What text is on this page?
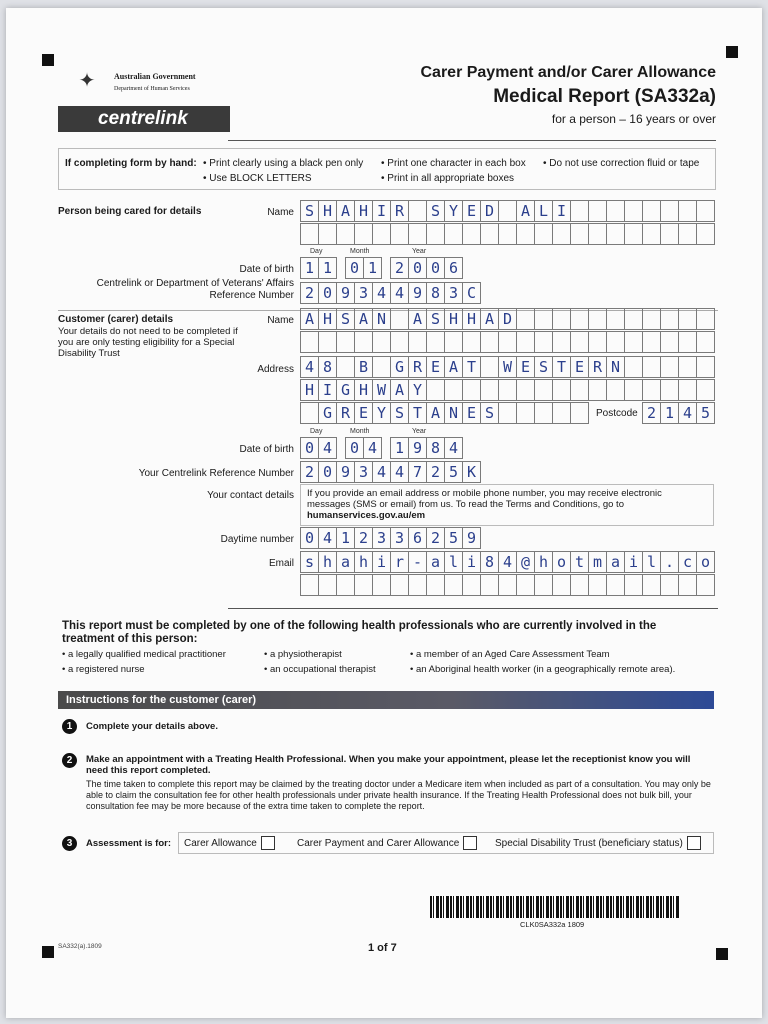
✦	Australian Government
Department of Human Services
centrelink
Carer Payment and/or Carer Allowance
Medical Report (SA332a)
for a person – 16 years or over
If completing form by hand: • Print clearly using a black pen only
• Use BLOCK LETTERS
• Print one character in each box
• Print in all appropriate boxes
• Do not use correction fluid or tape
Person being cared for details	Name S H A H I R	S Y E D	A L I
Day	Month	Year
Date of birth 1 1	0 1	2 0 0 6
Centrelink or Department of Veterans' Affairs
Reference Number 2 0 9 3 4 4 9 8 3 C
Customer (carer) details
Your details do not need to be completed if you are only testing eligibility for a Special Disability Trust
Name A H S A N	A S H H A D
Address 4 8	B	G R E A T	W E S T E R N
H I G H W A Y
G R E Y S T A N E S	Postcode 2 1 4 5
Day	Month	Year
Date of birth 0 4	0 4	1 9 8 4
Your Centrelink Reference Number 2 0 9 3 4 4 7 2 5 K
Your contact details	If you provide an email address or mobile phone number, you may receive electronic messages (SMS or email) from us. To read the Terms and Conditions, go to humanservices.gov.au/em
Daytime number 0 4 1 2 3 3 6 2 5 9
Email s h a h i r - a l i 8 4 @ h o t m a i l . c o
This report must be completed by one of the following health professionals who are currently involved in the treatment of this person:
• a legally qualified medical practitioner
• a registered nurse
• a physiotherapist
• an occupational therapist
• a member of an Aged Care Assessment Team
• an Aboriginal health worker (in a geographically remote area).
Instructions for the customer (carer)
1	Complete your details above.
2	Make an appointment with a Treating Health Professional. When you make your appointment, please let the receptionist know you will need this report completed.
The time taken to complete this report may be claimed by the treating doctor under a Medicare item when included as part of a consultation. You may only be able to claim the consultation fee for other health professionals under private health insurance. If the Treating Health Professional does not bulk bill, your consultation fee may be more because of the extra time taken to complete the report.
3	Assessment is for: Carer Allowance	Carer Payment and Carer Allowance	Special Disability Trust (beneficiary status)
CLK0SA332a 1809
SA332(a).1809	1 of 7
